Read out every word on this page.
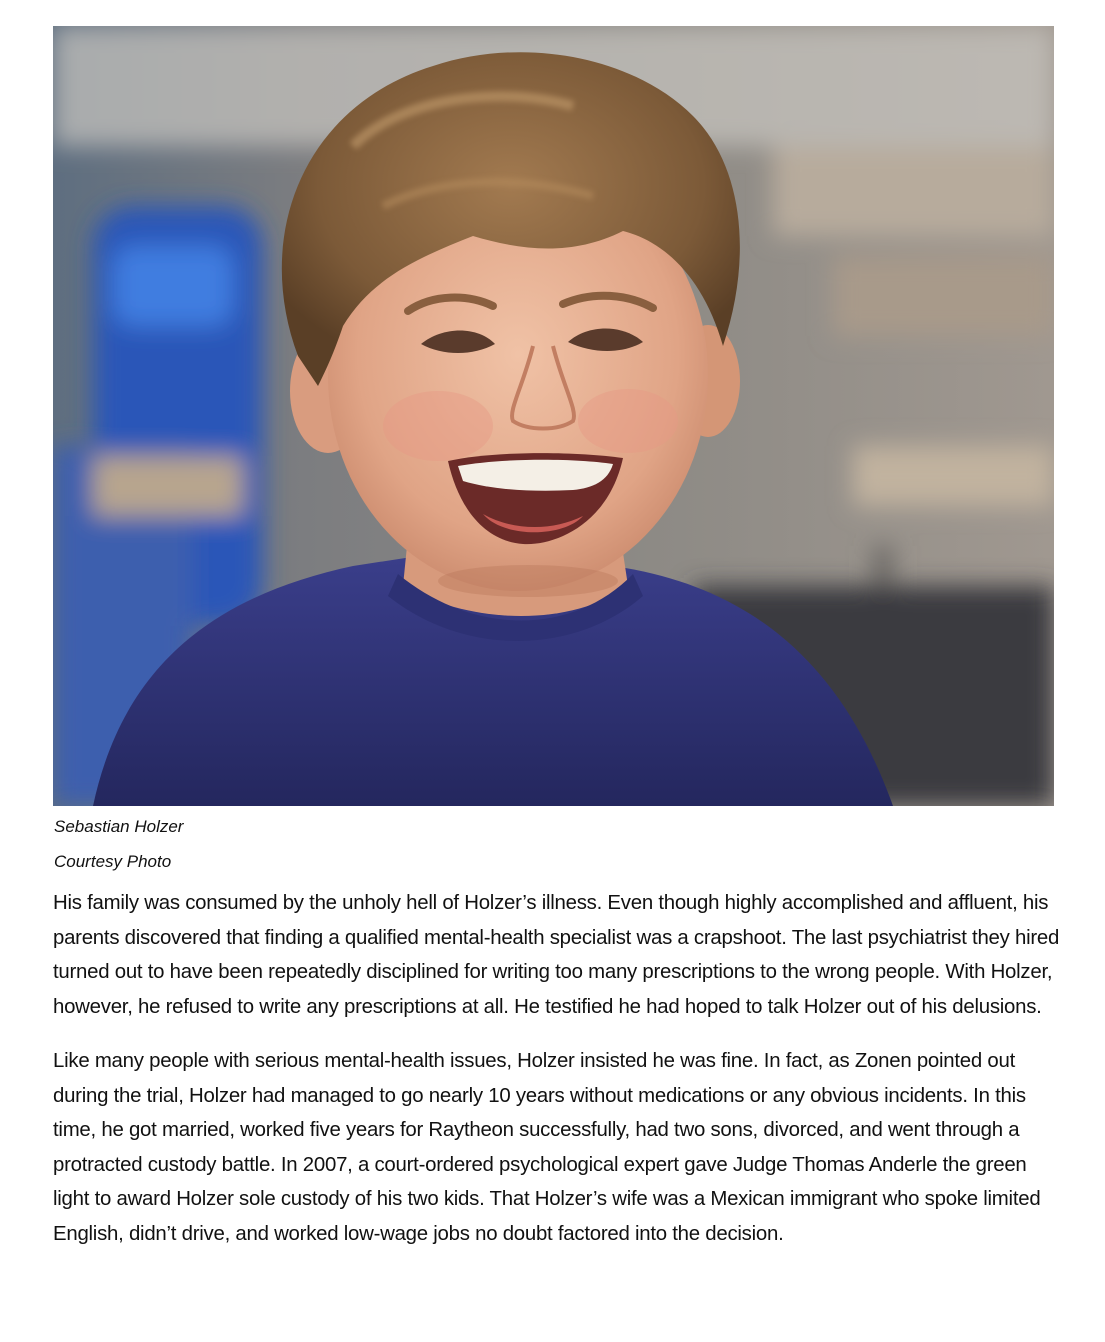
Sebastian Holzer

Courtesy Photo

His family was consumed by the unholy hell of Holzer’s illness. Even though highly accomplished and affluent, his parents discovered that finding a qualified mental-health specialist was a crapshoot. The last psychiatrist they hired turned out to have been repeatedly disciplined for writing too many prescriptions to the wrong people. With Holzer, however, he refused to write any prescriptions at all. He testified he had hoped to talk Holzer out of his delusions.

Like many people with serious mental-health issues, Holzer insisted he was fine. In fact, as Zonen pointed out during the trial, Holzer had managed to go nearly 10 years without medications or any obvious incidents. In this time, he got married, worked five years for Raytheon successfully, had two sons, divorced, and went through a protracted custody battle. In 2007, a court-ordered psychological expert gave Judge Thomas Anderle the green light to award Holzer sole custody of his two kids. That Holzer’s wife was a Mexican immigrant who spoke limited English, didn’t drive, and worked low-wage jobs no doubt factored into the decision.
